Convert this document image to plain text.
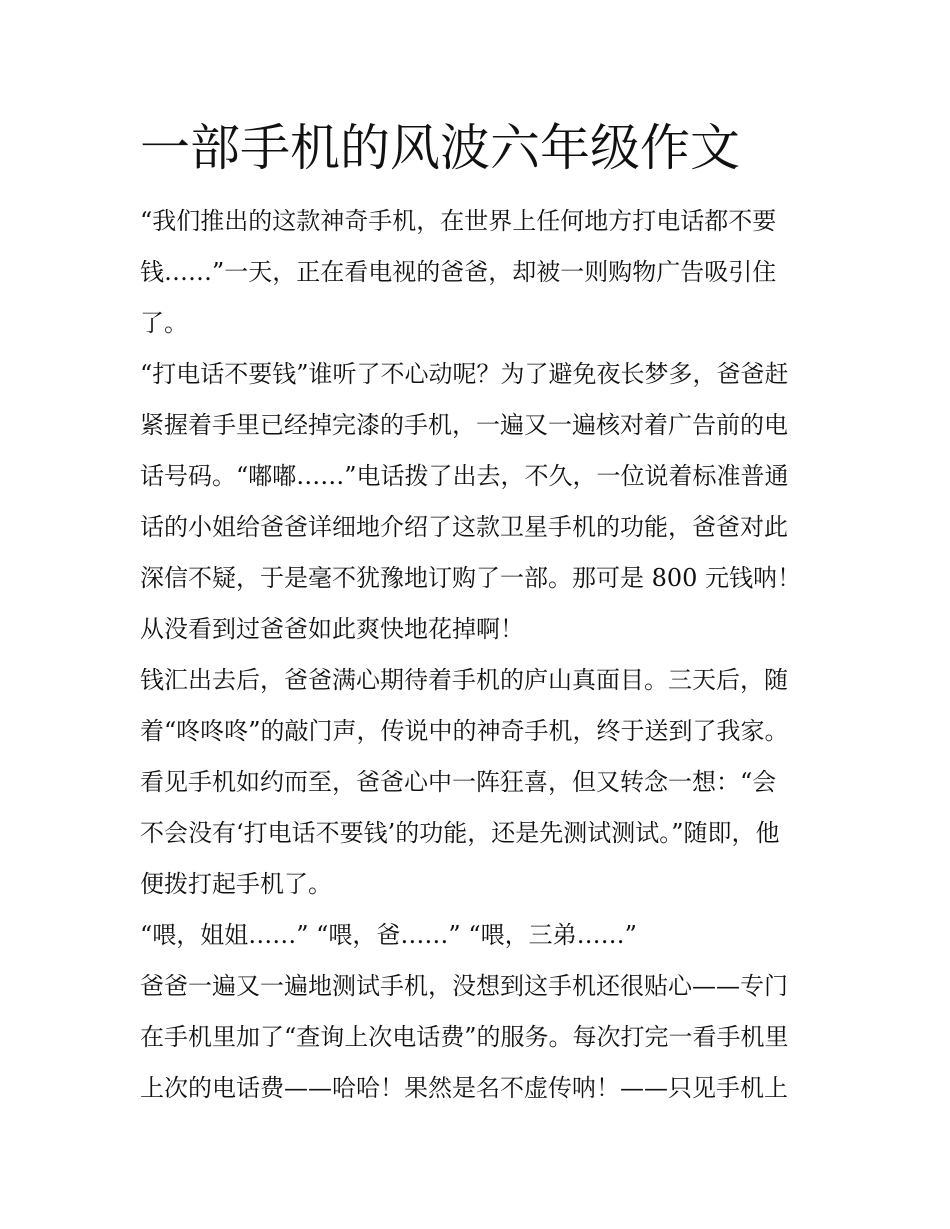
一部手机的风波六年级作文
“我们推出的这款神奇手机，在世界上任何地方打电话都不要
钱……”一天，正在看电视的爸爸，却被一则购物广告吸引住
了。
“打电话不要钱”谁听了不心动呢？为了避免夜长梦多，爸爸赶
紧握着手里已经掉完漆的手机，一遍又一遍核对着广告前的电
话号码。“嘟嘟……”电话拨了出去，不久，一位说着标准普通
话的小姐给爸爸详细地介绍了这款卫星手机的功能，爸爸对此
深信不疑，于是毫不犹豫地订购了一部。那可是 800 元钱呐！
从没看到过爸爸如此爽快地花掉啊！
钱汇出去后，爸爸满心期待着手机的庐山真面目。三天后，随
着“咚咚咚”的敲门声，传说中的神奇手机，终于送到了我家。
看见手机如约而至，爸爸心中一阵狂喜，但又转念一想：“会
不会没有‘打电话不要钱’的功能，还是先测试测试。”随即，他
便拨打起手机了。
“喂，姐姐……” “喂，爸……” “喂，三弟……”
爸爸一遍又一遍地测试手机，没想到这手机还很贴心——专门
在手机里加了“查询上次电话费”的服务。每次打完一看手机里
上次的电话费——哈哈！果然是名不虚传呐！——只见手机上
